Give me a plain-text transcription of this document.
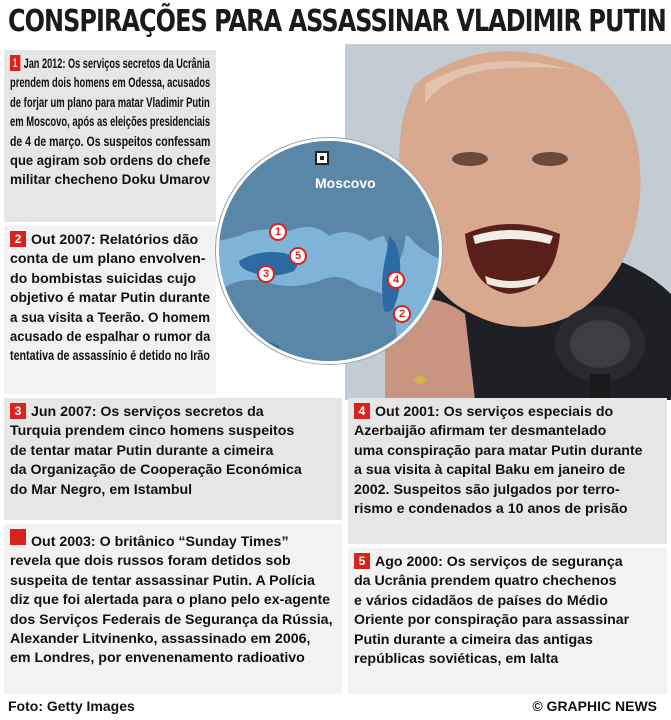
CONSPIRAÇÕES PARA ASSASSINAR VLADIMIR PUTIN
1 Jan 2012: Os serviços secretos da Ucrânia
prendem dois homens em Odessa, acusados
de forjar um plano para matar Vladimir Putin
em Moscovo, após as eleições presidenciais
de 4 de março. Os suspeitos confessam
que agiram sob ordens do chefe
militar checheno Doku Umarov
2 Out 2007: Relatórios dão
conta de um plano envolven-
do bombistas suicidas cujo
objetivo é matar Putin durante
a sua visita a Teerão. O homem
acusado de espalhar o rumor da
tentativa de assassínio é detido no Irão
Moscovo
1
5
3	4
2
3 Jun 2007: Os serviços secretos da
Turquia prendem cinco homens suspeitos
de tentar matar Putin durante a cimeira
da Organização de Cooperação Económica
do Mar Negro, em Istambul
Out 2003: O britânico “Sunday Times”
revela que dois russos foram detidos sob
suspeita de tentar assassinar Putin. A Polícia
diz que foi alertada para o plano pelo ex-agente
dos Serviços Federais de Segurança da Rússia,
Alexander Litvinenko, assassinado em 2006,
em Londres, por envenenamento radioativo
4 Out 2001: Os serviços especiais do
Azerbaijão afirmam ter desmantelado
uma conspiração para matar Putin durante
a sua visita à capital Baku em janeiro de
2002. Suspeitos são julgados por terro-
rismo e condenados a 10 anos de prisão
5 Ago 2000: Os serviços de segurança
da Ucrânia prendem quatro chechenos
e vários cidadãos de países do Médio
Oriente por conspiração para assassinar
Putin durante a cimeira das antigas
repúblicas soviéticas, em Ialta
Foto: Getty Images	© GRAPHIC NEWS
